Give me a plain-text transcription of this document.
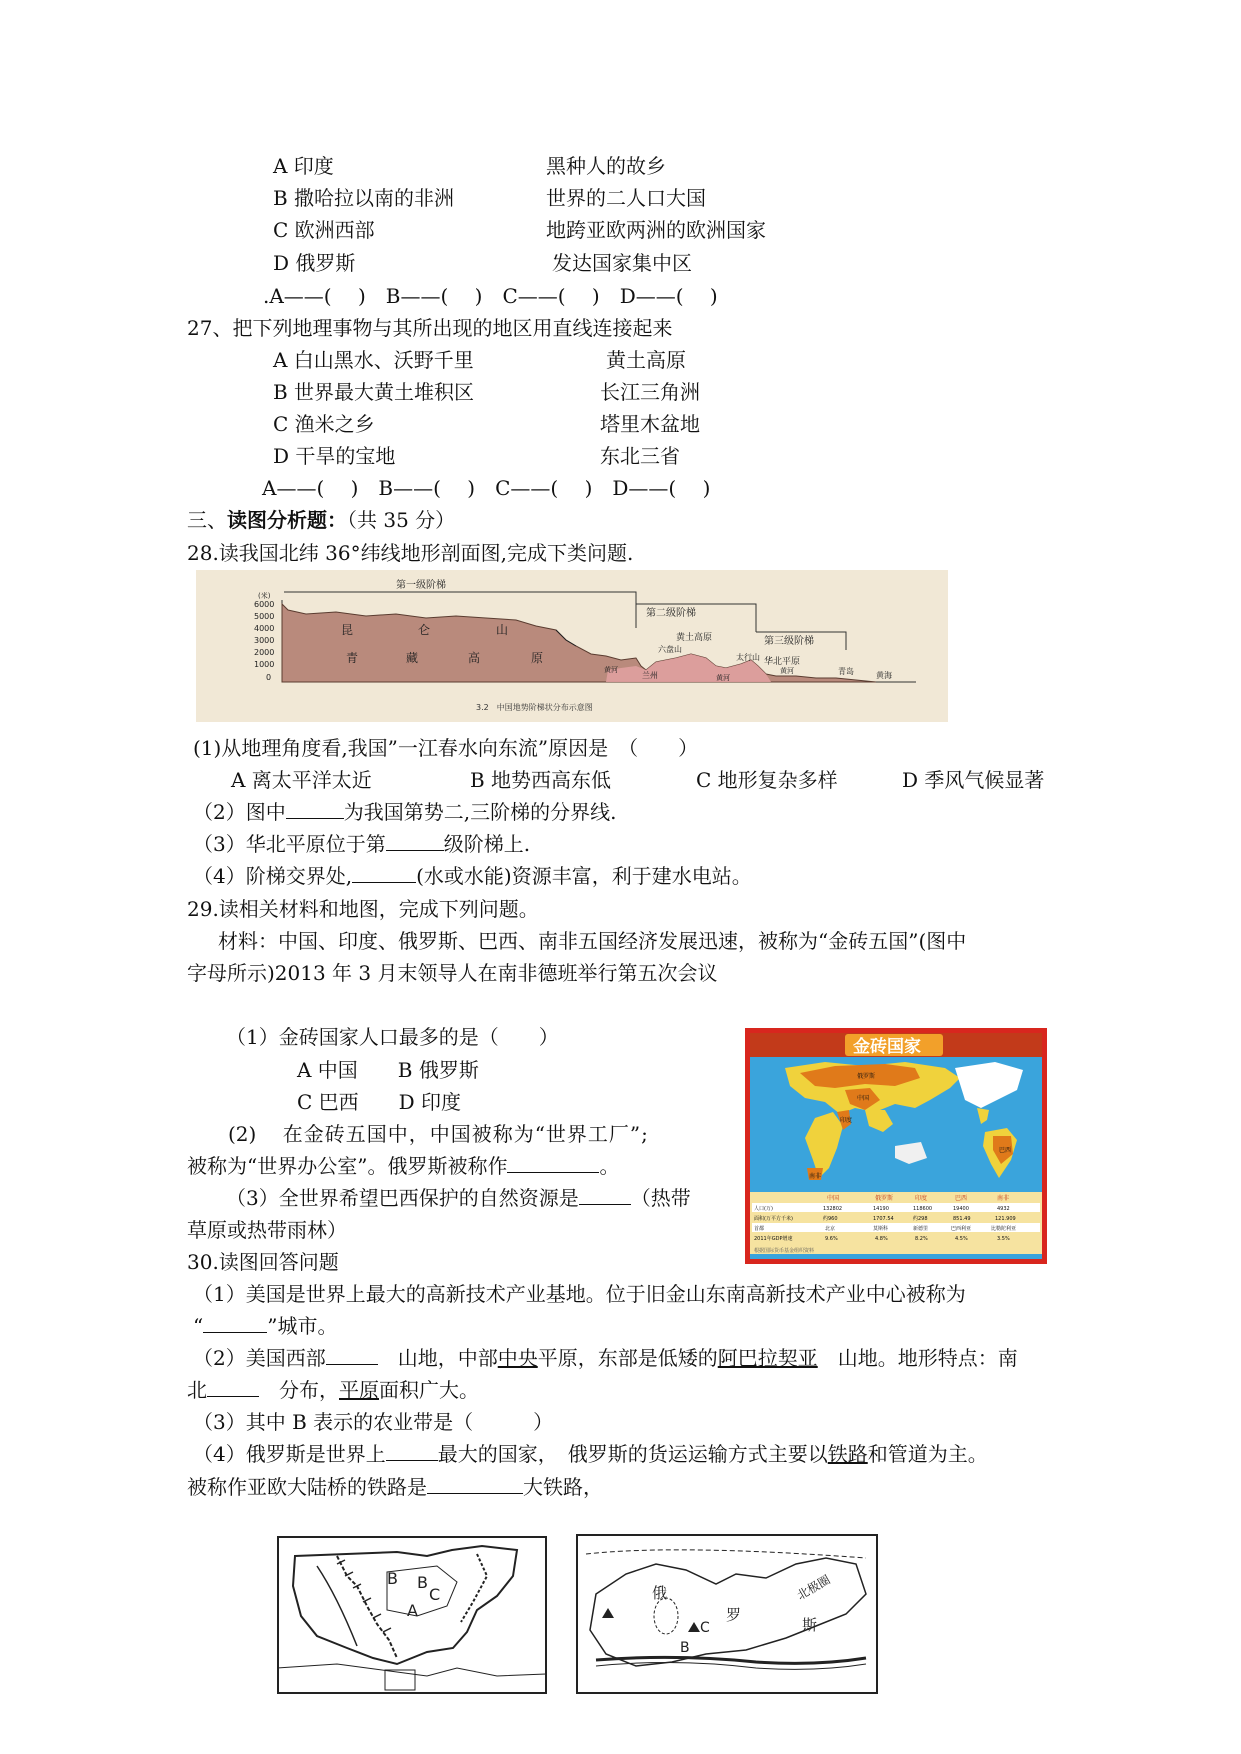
A 印度	黑种人的故乡
B 撒哈拉以南的非洲	世界的二人口大国
C 欧洲西部	地跨亚欧两洲的欧洲国家
D 俄罗斯	发达国家集中区
.A——(　 )　B——(　 )　C——(　 )　D——(　 )
27、把下列地理事物与其所出现的地区用直线连接起来
A 白山黑水、沃野千里	黄土高原
B 世界最大黄土堆积区	长江三角洲
C 渔米之乡	塔里木盆地
D 干旱的宝地	东北三省
A——(　 )　B——(　 )　C——(　 )　D——(　 )
三、读图分析题：（共 35 分）
28.读我国北纬 36°纬线地形剖面图,完成下类问题.
第一级阶梯
第二级阶梯
第三级阶梯
(米)
6000
5000
4000
3000
2000
1000
0
昆	仑	山
青	藏	高	原
黄土高原
六盘山
兰州
黄河
黄河
黄河
太行山 华北平原
青岛	黄海
3.2　中国地势阶梯状分布示意图
(1)从地理角度看,我国”一江春水向东流”原因是　（　　）
A 离太平洋太近	B 地势西高东低	C 地形复杂多样	D 季风气候显著
（2）图中	为我国第势二,三阶梯的分界线.
（3）华北平原位于第	级阶梯上.
（4）阶梯交界处,	(水或水能)资源丰富，利于建水电站。
29.读相关材料和地图，完成下列问题。
材料：中国、印度、俄罗斯、巴西、南非五国经济发展迅速，被称为“金砖五国”(图中
字母所示)2013 年 3 月末领导人在南非德班举行第五次会议
（1）金砖国家人口最多的是（　　）
A 中国　　B 俄罗斯
C 巴西　　D 印度
(2)　 在金砖五国中，中国被称为“世界工厂”;
被称为“世界办公室”。俄罗斯被称作	。
（3）全世界希望巴西保护的自然资源是	（热带
草原或热带雨林）
金砖国家
俄罗斯
中国
印度
巴西
南非
中国	俄罗斯	印度	巴西	南非
人口(万)	132802	14190	118600	19400	4932
面积(万平方千米)	约960	1707.54	约298	851.49	121.909
首都	北京	莫斯科	新德里	巴西利亚	比勒陀利亚
2011年GDP增速	9.6%	4.8%	8.2%	4.5%	3.5%
根据国际货币基金组织资料
30.读图回答问题
（1）美国是世界上最大的高新技术产业基地。位于旧金山东南高新技术产业中心被称为
“	”城市。
（2）美国西部　	山地，中部中央平原，东部是低矮的阿巴拉契亚　 山地。地形特点：南
北　	分布，平原面积广大。
（3）其中 B 表示的农业带是（　　　）
（4）俄罗斯是世界上	最大的国家，　俄罗斯的货运运输方式主要以铁路和管道为主。
被称作亚欧大陆桥的铁路是	大铁路，
A
B B
C	俄
罗
斯
C
B
北极圈
